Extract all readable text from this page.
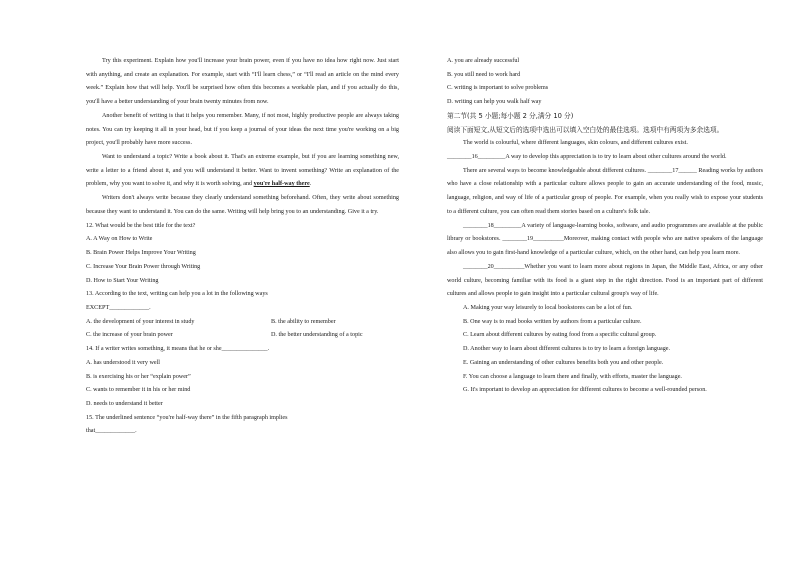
Try this experiment. Explain how you'll increase your brain power, even if you have no idea how right now. Just start with anything, and create an explanation. For example, start with “I'll learn chess,” or “I'll read an article on the mind every week.” Explain how that will help. You'll be surprised how often this becomes a workable plan, and if you actually do this, you'll have a better understanding of your brain twenty minutes from now.

Another benefit of writing is that it helps you remember. Many, if not most, highly productive people are always taking notes. You can try keeping it all in your head, but if you keep a journal of your ideas the next time you're working on a big project, you'll probably have more success.

Want to understand a topic? Write a book about it. That's an extreme example, but if you are learning something new, write a letter to a friend about it, and you will understand it better. Want to invent something? Write an explanation of the problem, why you want to solve it, and why it is worth solving, and you're half-way there.

Writers don't always write because they clearly understand something beforehand. Often, they write about something because they want to understand it. You can do the same. Writing will help bring you to an understanding. Give it a try.

12. What would be the best title for the text?

A. A Way on How to Write

B. Brain Power Helps Improve Your Writing

C. Increase Your Brain Power through Writing

D. How to Start Your Writing

13. According to the text, writing can help you a lot in the following ways

EXCEPT_____________.

A. the development of your interest in study	B. the ability to remember
C. the increase of your brain power	D. the better understanding of a topic

14. If a writer writes something, it means that he or she_______________.

A. has understood it very well

B. is exercising his or her “explain power”

C. wants to remember it in his or her mind

D. needs to understand it better

15. The underlined sentence “you're half-way there” in the fifth paragraph implies

that_____________.

A. you are already successful

B. you still need to work hard

C. writing is important to solve problems

D. writing can help you walk half way

第二节(共 5 小题;每小题 2 分,满分 10 分)

阅读下面短文,从短文后的选项中选出可以填入空白处的最佳选项。选项中有两项为多余选项。

The world is colourful, where different languages, skin colours, and different cultures exist.

________16_________A way to develop this appreciation is to try to learn about other cultures around the world.

There are several ways to become knowledgeable about different cultures. ________17______ Reading works by authors who have a close relationship with a particular culture allows people to gain an accurate understanding of the food, music, language, religion, and way of life of a particular group of people. For example, when you really wish to expose your students to a different culture, you can often read them stories based on a culture's folk tale.

________18_________A variety of language-learning books, software, and audio programmes are available at the public library or bookstores. ________19__________Moreover, making contact with people who are native speakers of the language also allows you to gain first-hand knowledge of a particular culture, which, on the other hand, can help you learn more.

________20__________Whether you want to learn more about regions in Japan, the Middle East, Africa, or any other world culture, becoming familiar with its food is a giant step in the right direction. Food is an important part of different cultures and allows people to gain insight into a particular cultural group's way of life.

A. Making your way leisurely to local bookstores can be a lot of fun.

B. One way is to read books written by authors from a particular culture.

C. Learn about different cultures by eating food from a specific cultural group.

D. Another way to learn about different cultures is to try to learn a foreign language.

E. Gaining an understanding of other cultures benefits both you and other people.

F. You can choose a language to learn there and finally, with efforts, master the language.

G. It's important to develop an appreciation for different cultures to become a well-rounded person.
